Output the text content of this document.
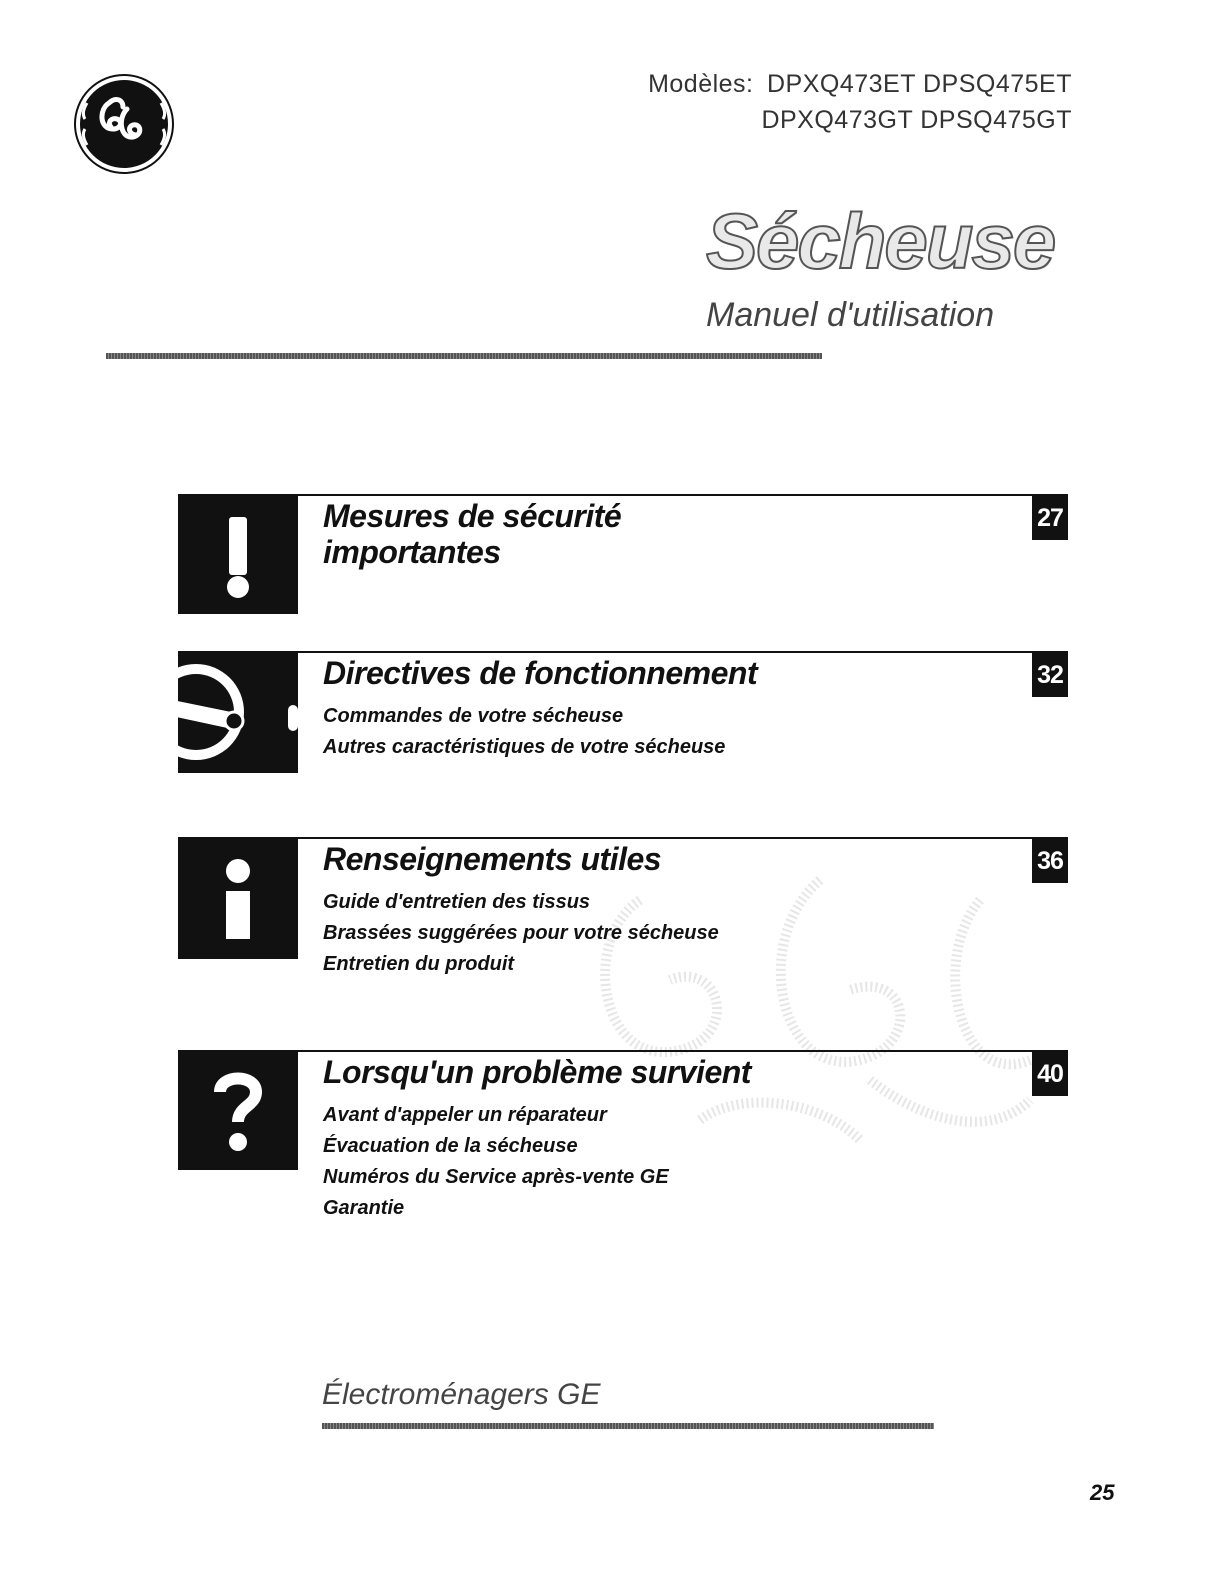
Modèles: DPXQ473ET DPSQ475ET
DPXQ473GT DPSQ475GT
Sécheuse
Manuel d'utilisation
Mesures de sécurité
importantes
27
Directives de fonctionnement
Commandes de votre sécheuse
Autres caractéristiques de votre sécheuse
32
Renseignements utiles
Guide d'entretien des tissus
Brassées suggérées pour votre sécheuse
Entretien du produit
36
Lorsqu'un problème survient
Avant d'appeler un réparateur
Évacuation de la sécheuse
Numéros du Service après-vente GE
Garantie
40
Électroménagers GE
25
